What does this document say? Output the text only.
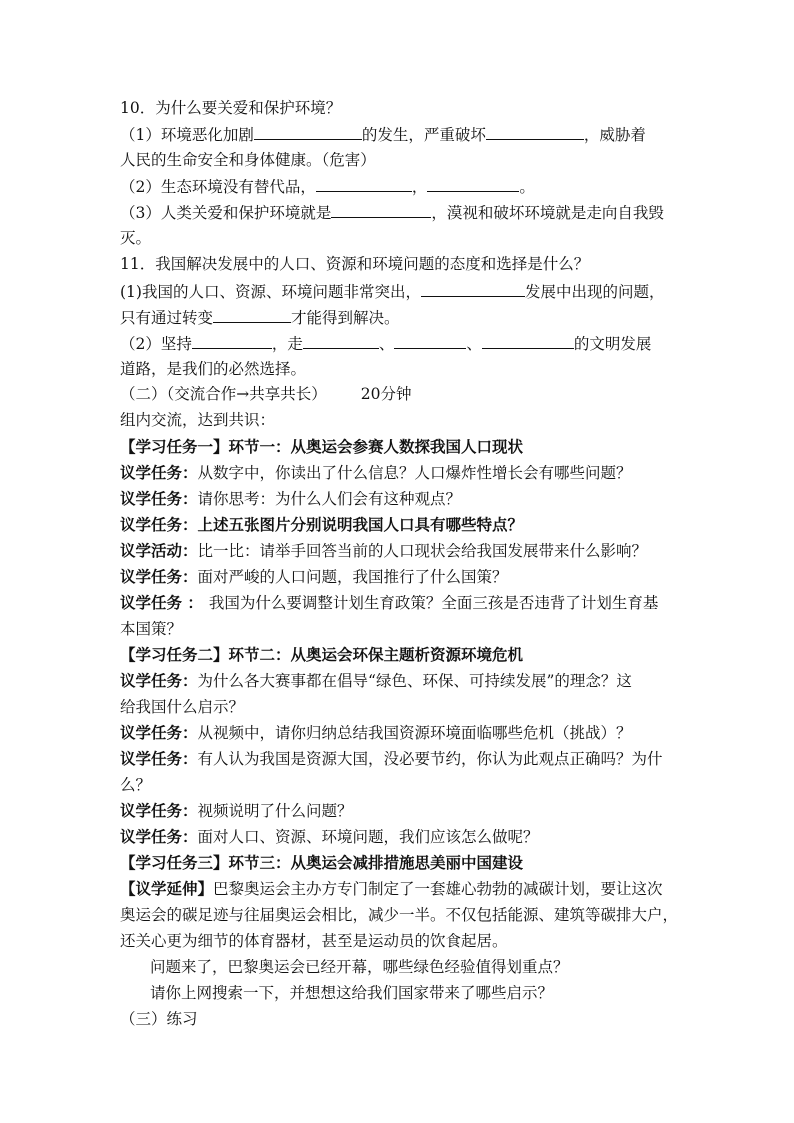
10．为什么要关爱和保护环境？
（1）环境恶化加剧	的发生，严重破坏	，威胁着
人民的生命安全和身体健康。（危害）
（2）生态环境没有替代品，	，	。
（3）人类关爱和保护环境就是	，漠视和破坏环境就是走向自我毁
灭。
11．我国解决发展中的人口、资源和环境问题的态度和选择是什么？
(1)我国的人口、资源、环境问题非常突出，	发展中出现的问题，
只有通过转变	才能得到解决。
（2）坚持	，走	、	、	的文明发展
道路，是我们的必然选择。
（二）（交流合作→共享共长） 20分钟
组内交流，达到共识：
【学习任务一】环节一：从奥运会参赛人数探我国人口现状
议学任务：从数字中，你读出了什么信息？人口爆炸性增长会有哪些问题？
议学任务：请你思考：为什么人们会有这种观点？
议学任务：上述五张图片分别说明我国人口具有哪些特点？
议学活动：比一比：请举手回答当前的人口现状会给我国发展带来什么影响？
议学任务：面对严峻的人口问题，我国推行了什么国策？
议学任务 ： 我国为什么要调整计划生育政策？全面三孩是否违背了计划生育基
本国策？
【学习任务二】环节二：从奥运会环保主题析资源环境危机
议学任务：为什么各大赛事都在倡导“绿色、环保、可持续发展”的理念？这
给我国什么启示？
议学任务：从视频中，请你归纳总结我国资源环境面临哪些危机（挑战）？
议学任务：有人认为我国是资源大国，没必要节约，你认为此观点正确吗？为什
么？
议学任务：视频说明了什么问题？
议学任务：面对人口、资源、环境问题，我们应该怎么做呢？
【学习任务三】环节三：从奥运会减排措施思美丽中国建设
【议学延伸】巴黎奥运会主办方专门制定了一套雄心勃勃的减碳计划，要让这次
奥运会的碳足迹与往届奥运会相比，减少一半。不仅包括能源、建筑等碳排大户，
还关心更为细节的体育器材，甚至是运动员的饮食起居。
问题来了，巴黎奥运会已经开幕，哪些绿色经验值得划重点？
请你上网搜索一下，并想想这给我们国家带来了哪些启示？
（三）练习
